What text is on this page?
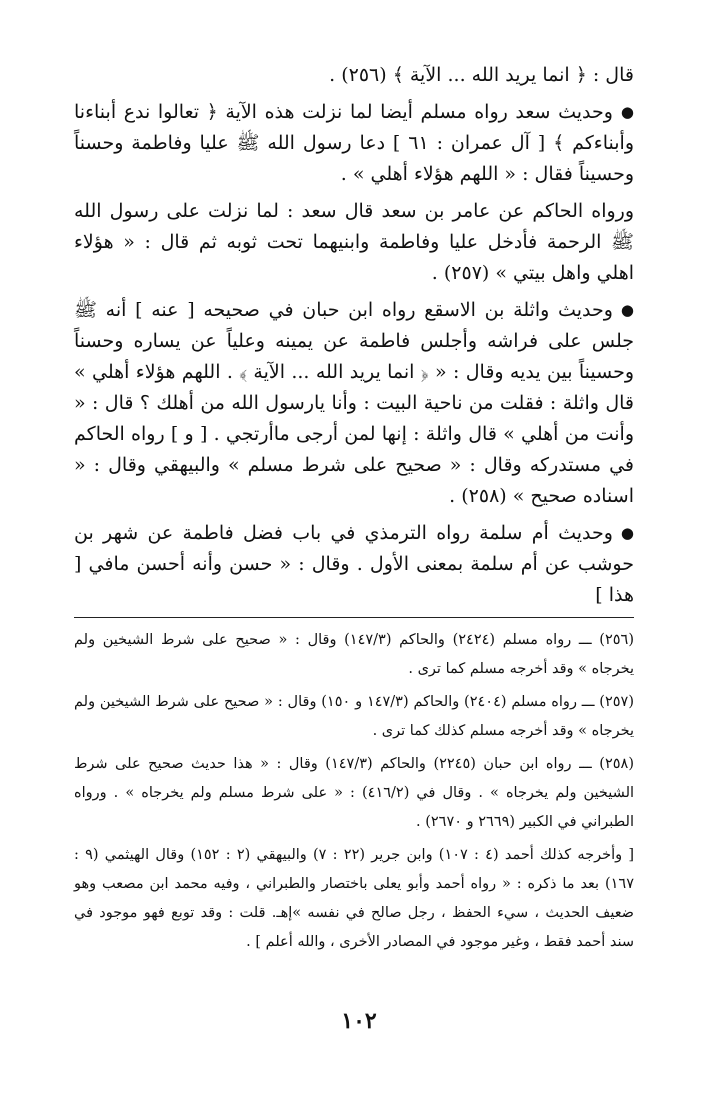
قال : ﴿ انما يريد الله ... الآية ﴾ (٢٥٦) .

●وحديث سعد رواه مسلم أيضا لما نزلت هذه الآية ﴿ تعالوا ندع أبناءنا وأبناءكم ﴾ [ آل عمران : ٦١ ] دعا رسول الله ﷺ عليا وفاطمة وحسناً وحسيناً فقال : « اللهم هؤلاء أهلي » .

ورواه الحاكم عن عامر بن سعد قال سعد : لما نزلت على رسول الله ﷺ الرحمة فأدخل عليا وفاطمة وابنيهما تحت ثوبه ثم قال : « هؤلاء اهلي واهل بيتي » (٢٥٧) .

●وحديث واثلة بن الاسقع رواه ابن حبان في صحيحه [ عنه ] أنه ﷺ جلس على فراشه وأجلس فاطمة عن يمينه وعلياً عن يساره وحسناً وحسيناً بين يديه وقال : « ﴿ انما يريد الله ... الآية ﴾ . اللهم هؤلاء أهلي » قال واثلة : فقلت من ناحية البيت : وأنا يارسول الله من أهلك ؟ قال : « وأنت من أهلي » قال واثلة : إنها لمن أرجى ماأرتجي . [ و ] رواه الحاكم في مستدركه وقال : « صحيح على شرط مسلم » والبيهقي وقال : « اسناده صحيح » (٢٥٨) .

●وحديث أم سلمة رواه الترمذي في باب فضل فاطمة عن شهر بن حوشب عن أم سلمة بمعنى الأول . وقال : « حسن وأنه أحسن مافي [ هذا ]

(٢٥٦) ـــ رواه مسلم (٢٤٢٤) والحاكم (١٤٧/٣) وقال : « صحيح على شرط الشيخين ولم يخرجاه » وقد أخرجه مسلم كما ترى .

(٢٥٧) ـــ رواه مسلم (٢٤٠٤) والحاكم (١٤٧/٣ و ١٥٠) وقال : « صحيح على شرط الشيخين ولم يخرجاه » وقد أخرجه مسلم كذلك كما ترى .

(٢٥٨) ـــ رواه ابن حبان (٢٢٤٥) والحاكم (١٤٧/٣) وقال : « هذا حديث صحيح على شرط الشيخين ولم يخرجاه » . وقال في (٤١٦/٢) : « على شرط مسلم ولم يخرجاه » . ورواه الطبراني في الكبير (٢٦٦٩ و ٢٦٧٠) .

[ وأخرجه كذلك أحمد (٤ : ١٠٧) وابن جرير (٢٢ : ٧) والبيهقي (٢ : ١٥٢) وقال الهيثمي (٩ : ١٦٧) بعد ما ذكره : « رواه أحمد وأبو يعلى باختصار والطبراني ، وفيه محمد ابن مصعب وهو ضعيف الحديث ، سيء الحفظ ، رجل صالح في نفسه »إهـ. قلت : وقد توبع فهو موجود في سند أحمد فقط ، وغير موجود في المصادر الأخرى ، والله أعلم ] .

١٠٢
